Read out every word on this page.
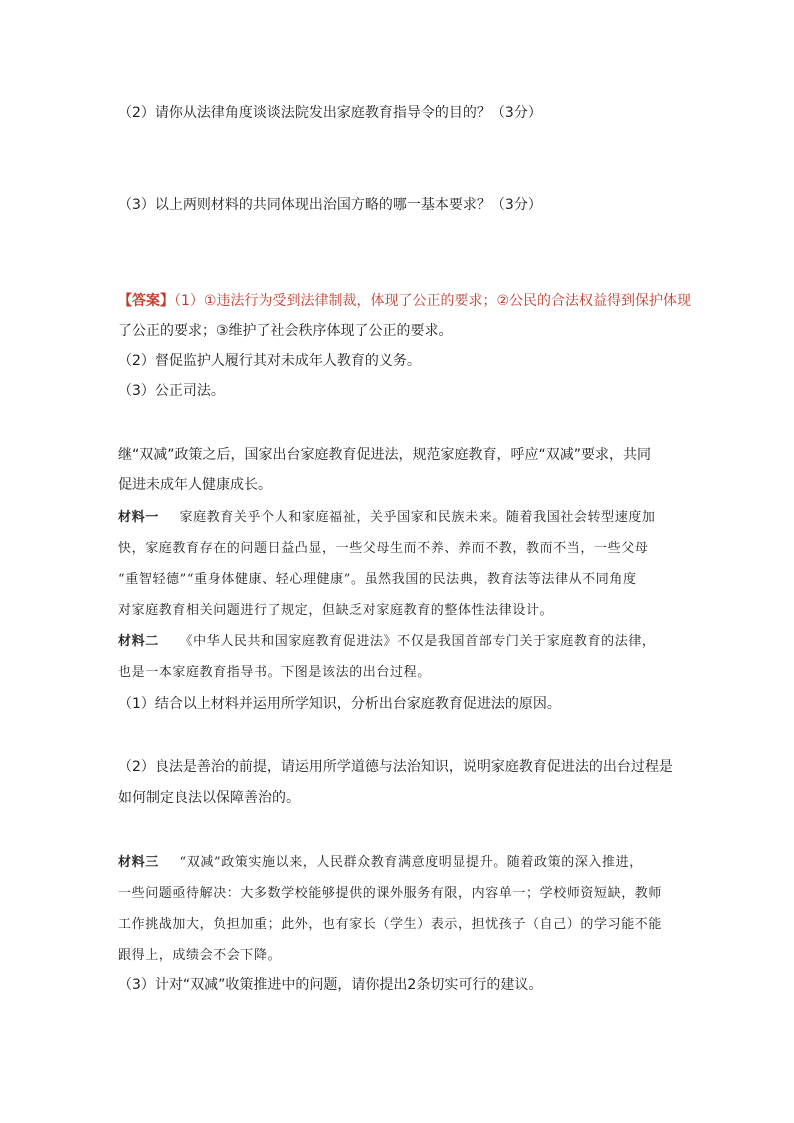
（2）请你从法律角度谈谈法院发出家庭教育指导令的目的？（3分）
（3）以上两则材料的共同体现出治国方略的哪一基本要求？（3分）
【答案】（1）①违法行为受到法律制裁，体现了公正的要求；②公民的合法权益得到保护体现
了公正的要求；③维护了社会秩序体现了公正的要求。
（2）督促监护人履行其对未成年人教育的义务。
（3）公正司法。
继“双减”政策之后，国家出台家庭教育促进法，规范家庭教育，呼应“双减”要求，共同
促进未成年人健康成长。
材料一   家庭教育关乎个人和家庭福祉，关乎国家和民族未来。随着我国社会转型速度加
快，家庭教育存在的问题日益凸显，一些父母生而不养、养而不教，教而不当，一些父母
“重智轻德”“重身体健康、轻心理健康”。虽然我国的民法典，教育法等法律从不同角度
对家庭教育相关问题进行了规定，但缺乏对家庭教育的整体性法律设计。
材料二   《中华人民共和国家庭教育促进法》不仅是我国首部专门关于家庭教育的法律，
也是一本家庭教育指导书。下图是该法的出台过程。
（1）结合以上材料并运用所学知识，分析出台家庭教育促进法的原因。
（2）良法是善治的前提，请运用所学道德与法治知识，说明家庭教育促进法的出台过程是
如何制定良法以保障善治的。
材料三   “双减”政策实施以来，人民群众教育满意度明显提升。随着政策的深入推进，
一些问题亟待解决：大多数学校能够提供的课外服务有限，内容单一；学校师资短缺，教师
工作挑战加大，负担加重；此外，也有家长（学生）表示，担忧孩子（自己）的学习能不能
跟得上，成绩会不会下降。
（3）计对“双减”收策推进中的问题，请你提出2条切实可行的建议。
